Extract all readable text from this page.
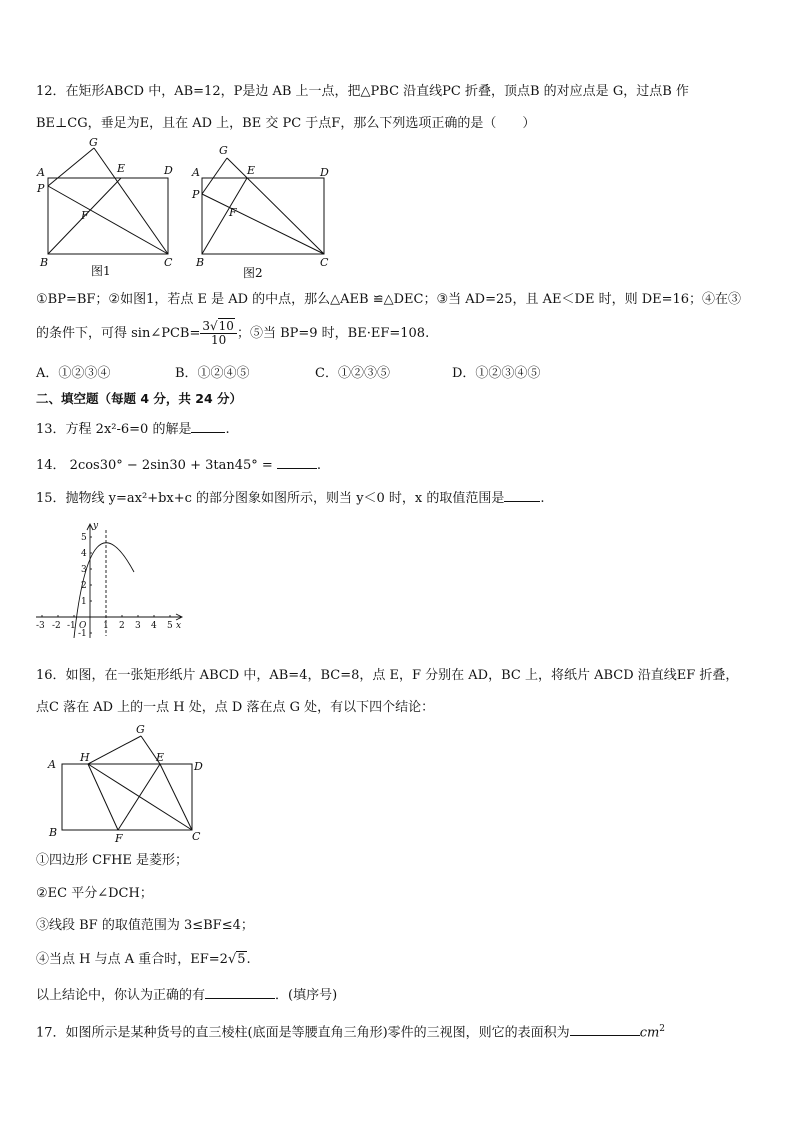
12．在矩形ABCD 中，AB=12，P是边 AB 上一点，把△PBC 沿直线PC 折叠，顶点B 的对应点是 G，过点B 作
BE⊥CG，垂足为E，且在 AD 上，BE 交 PC 于点F，那么下列选项正确的是（　　）
A
G
E	D
P
F
B	C
A
G
E	D
P
F
B	C
图1	图2
①BP=BF；②如图1，若点 E 是 AD 的中点，那么△AEB ≌△DEC；③当 AD=25，且 AE＜DE 时，则 DE=16；④在③
的条件下，可得 sin∠PCB= $\frac{3√10}{10}$ ；⑤当 BP=9 时，BE·EF=108.
A．①②③④	B．①②④⑤	C．①②③⑤	D．①②③④⑤
二、填空题（每题 4 分，共 24 分）
13．方程 2x²-6=0 的解是	.
14． 2cos30° − 2sin30 + 3tan45° =	.
15．抛物线 y=ax²+bx+c 的部分图象如图所示，则当 y＜0 时，x 的取值范围是	.
y
x
O
-3 -2 -1	1 2 3 4 5
5
4
3
2
1
-1
16．如图，在一张矩形纸片 ABCD 中，AB=4，BC=8，点 E，F 分别在 AD，BC 上，将纸片 ABCD 沿直线EF 折叠，
点C 落在 AD 上的一点 H 处，点 D 落在点 G 处，有以下四个结论：
A
H
G
E
D
B	F	C
①四边形 CFHE 是菱形；
②EC 平分∠DCH；
③线段 BF 的取值范围为 3≤BF≤4；
④当点 H 与点 A 重合时，EF=2√5.
以上结论中，你认为正确的有	．(填序号)
17．如图所示是某种货号的直三棱柱(底面是等腰直角三角形)零件的三视图，则它的表面积为	$cm^2$
